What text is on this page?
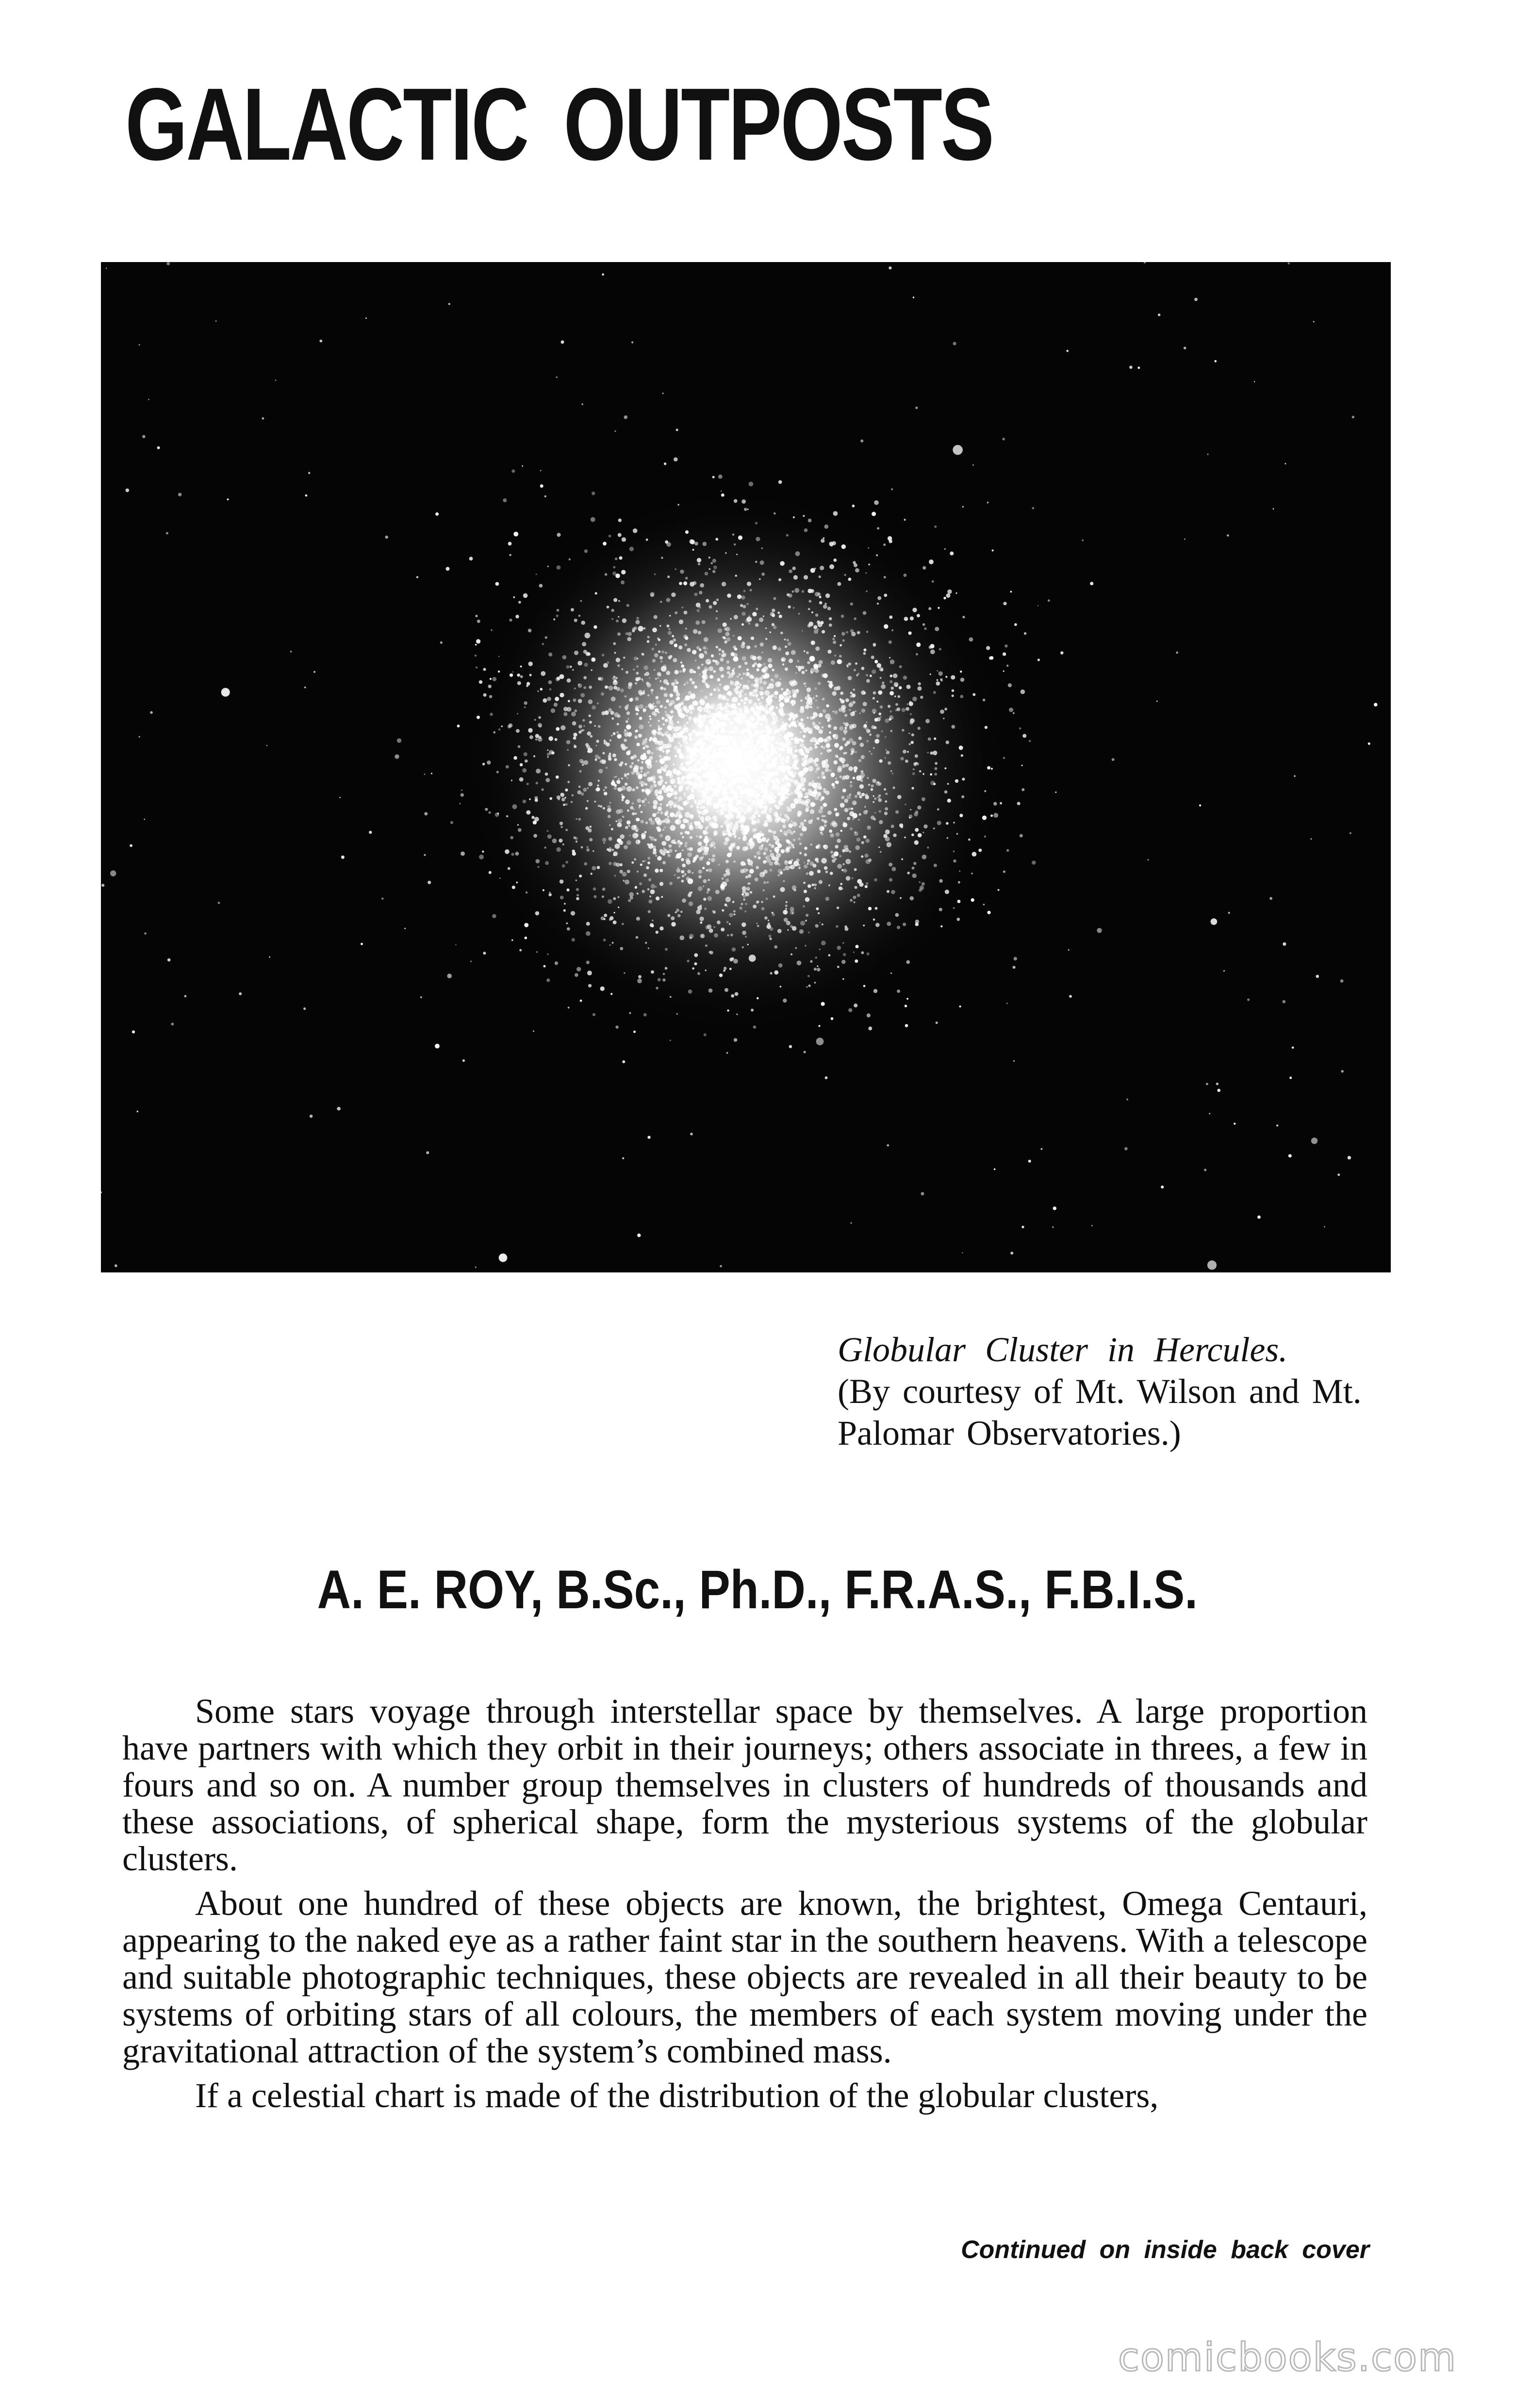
GALACTIC OUTPOSTS
Globular Cluster in Hercules.
(By courtesy of Mt. Wilson and Mt. Palomar Observatories.)
A. E. ROY, B.Sc., Ph.D., F.R.A.S., F.B.I.S.

Some stars voyage through interstellar space by themselves. A large proportion have partners with which they orbit in their journeys; others associate in threes, a few in fours and so on. A number group themselves in clusters of hundreds of thousands and these associations, of spherical shape, form the mysterious systems of the globular clusters.

About one hundred of these objects are known, the brightest, Omega Centauri, appearing to the naked eye as a rather faint star in the southern heavens. With a telescope and suitable photographic techniques, these objects are revealed in all their beauty to be systems of orbiting stars of all colours, the members of each system moving under the gravitational attraction of the system’s combined mass.

If a celestial chart is made of the distribution of the globular clusters,

Continued on inside back cover
comicbooks.com
